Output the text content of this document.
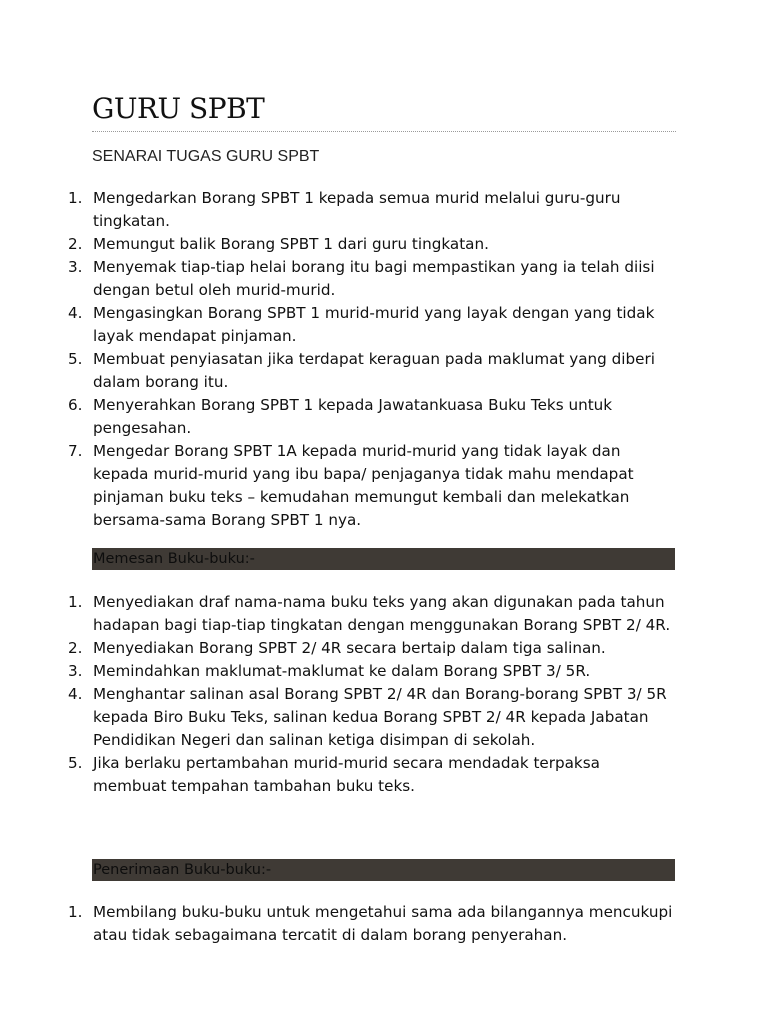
GURU SPBT

SENARAI TUGAS GURU SPBT

1. Mengedarkan Borang SPBT 1 kepada semua murid melalui guru-guru tingkatan.
2. Memungut balik Borang SPBT 1 dari guru tingkatan.
3. Menyemak tiap-tiap helai borang itu bagi mempastikan yang ia telah diisi dengan betul oleh murid-murid.
4. Mengasingkan Borang SPBT 1 murid-murid yang layak dengan yang tidak layak mendapat pinjaman.
5. Membuat penyiasatan jika terdapat keraguan pada maklumat yang diberi dalam borang itu.
6. Menyerahkan Borang SPBT 1 kepada Jawatankuasa Buku Teks untuk pengesahan.
7. Mengedar Borang SPBT 1A kepada murid-murid yang tidak layak dan kepada murid-murid yang ibu bapa/ penjaganya tidak mahu mendapat pinjaman buku teks – kemudahan memungut kembali dan melekatkan bersama-sama Borang SPBT 1 nya.
Memesan Buku-buku:-
1. Menyediakan draf nama-nama buku teks yang akan digunakan pada tahun hadapan bagi tiap-tiap tingkatan dengan menggunakan Borang SPBT 2/ 4R.
2. Menyediakan Borang SPBT 2/ 4R secara bertaip dalam tiga salinan.
3. Memindahkan maklumat-maklumat ke dalam Borang SPBT 3/ 5R.
4. Menghantar salinan asal Borang SPBT 2/ 4R dan Borang-borang SPBT 3/ 5R kepada Biro Buku Teks, salinan kedua Borang SPBT 2/ 4R kepada Jabatan Pendidikan Negeri dan salinan ketiga disimpan di sekolah.
5. Jika berlaku pertambahan murid-murid secara mendadak terpaksa membuat tempahan tambahan buku teks.
Penerimaan Buku-buku:-
1. Membilang buku-buku untuk mengetahui sama ada bilangannya mencukupi atau tidak sebagaimana tercatit di dalam borang penyerahan.
